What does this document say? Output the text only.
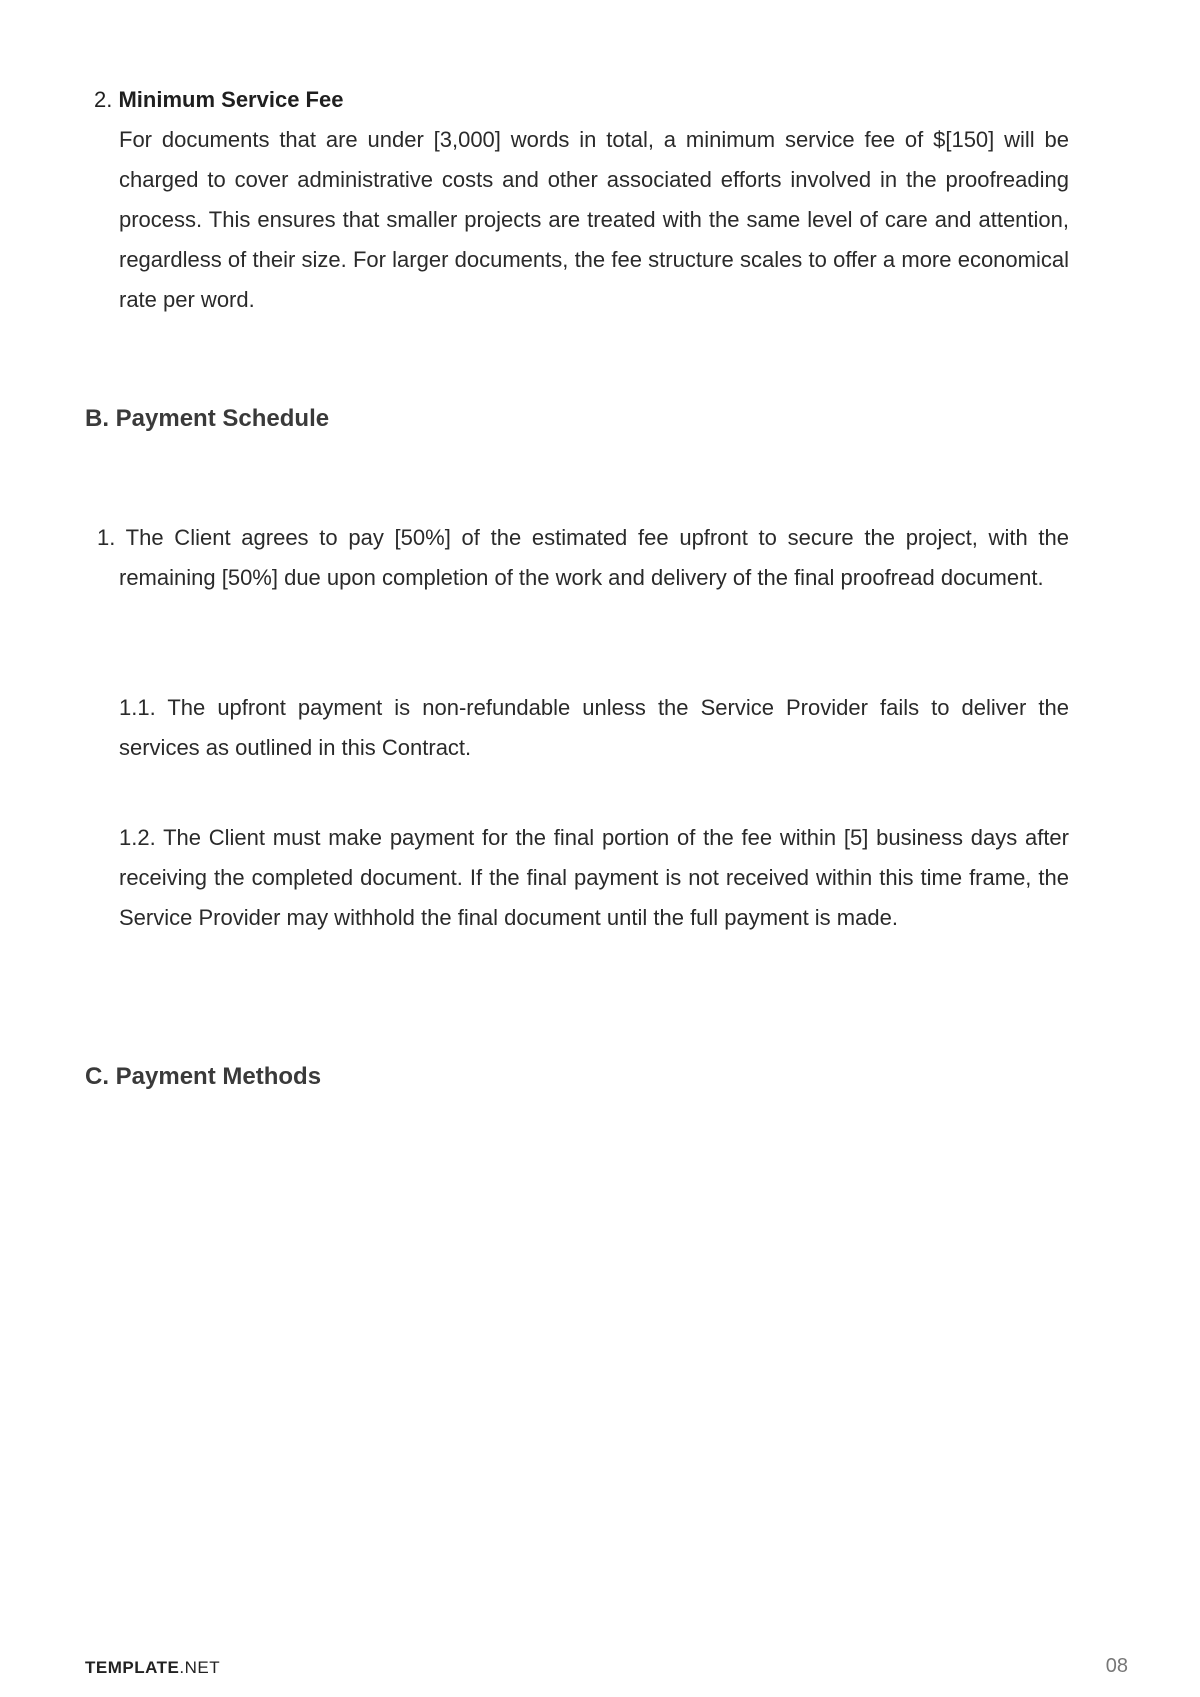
2. Minimum Service Fee
For documents that are under [3,000] words in total, a minimum service fee of $[150] will be charged to cover administrative costs and other associated efforts involved in the proofreading process. This ensures that smaller projects are treated with the same level of care and attention, regardless of their size. For larger documents, the fee structure scales to offer a more economical rate per word.
B. Payment Schedule
1. The Client agrees to pay [50%] of the estimated fee upfront to secure the project, with the remaining [50%] due upon completion of the work and delivery of the final proofread document.
1.1. The upfront payment is non-refundable unless the Service Provider fails to deliver the services as outlined in this Contract.
1.2. The Client must make payment for the final portion of the fee within [5] business days after receiving the completed document. If the final payment is not received within this time frame, the Service Provider may withhold the final document until the full payment is made.
C. Payment Methods
TEMPLATE.NET	08
